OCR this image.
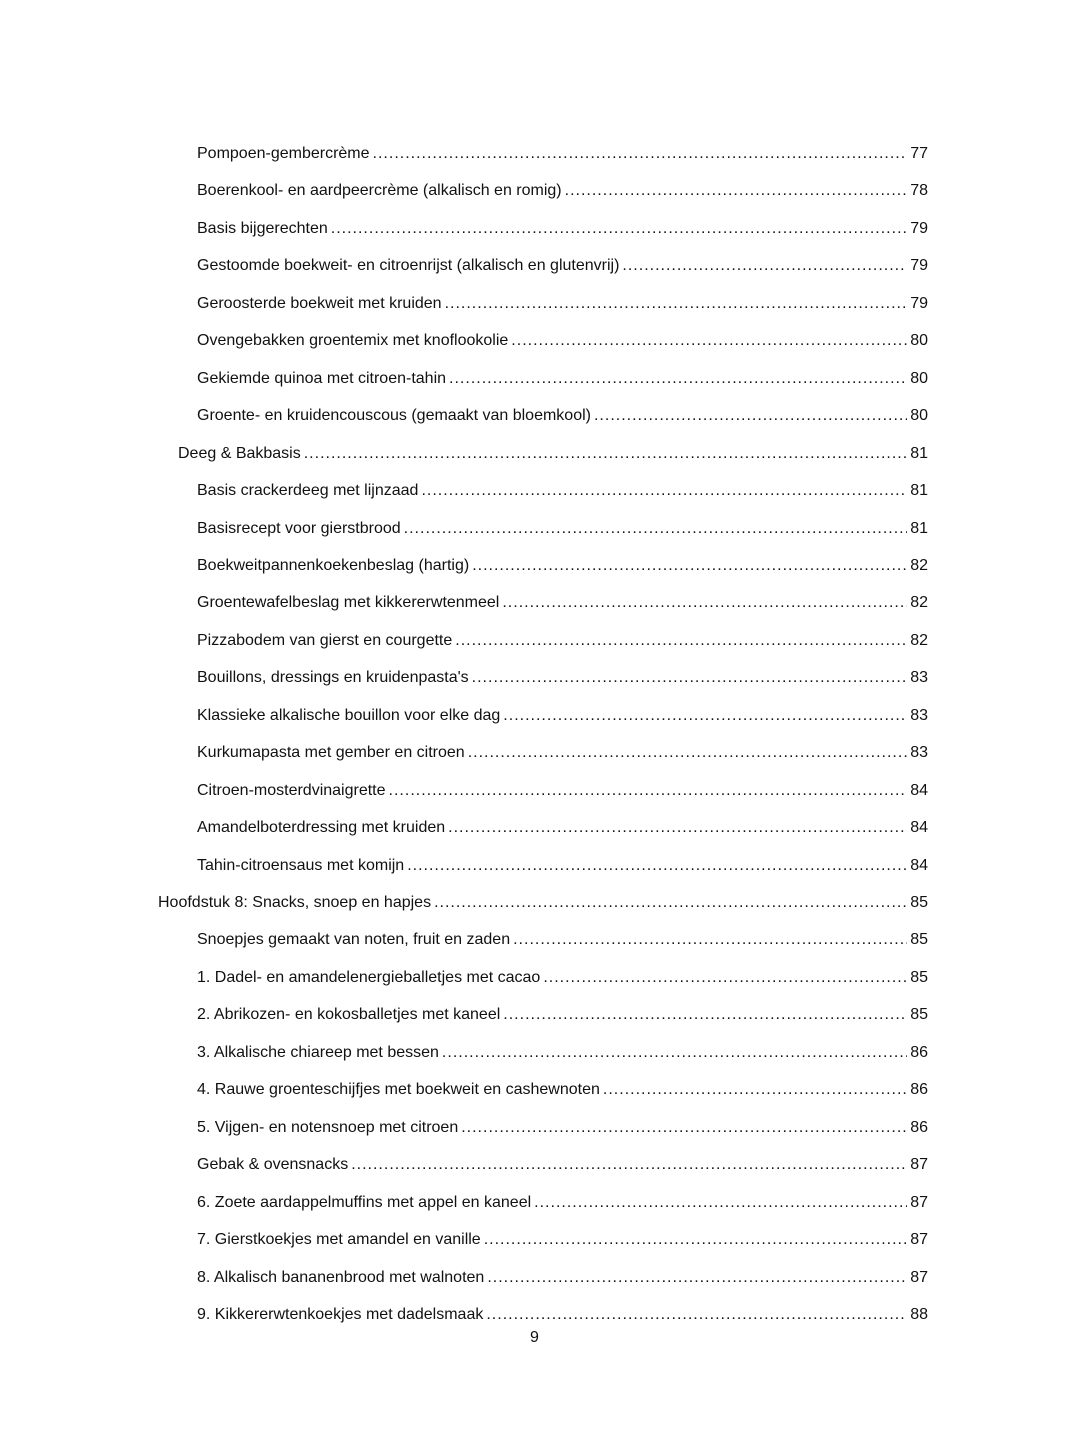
Pompoen-gembercrème .....	77
Boerenkool- en aardpeercrème (alkalisch en romig) .....	78
Basis bijgerechten .....	79
Gestoomde boekweit- en citroenrijst (alkalisch en glutenvrij) .....	79
Geroosterde boekweit met kruiden .....	79
Ovengebakken groentemix met knoflookolie .....	80
Gekiemde quinoa met citroen-tahin .....	80
Groente- en kruidencouscous (gemaakt van bloemkool) .....	80
Deeg & Bakbasis .....	81
Basis crackerdeeg met lijnzaad .....	81
Basisrecept voor gierstbrood .....	81
Boekweitpannenkoekenbeslag (hartig) .....	82
Groentewafelbeslag met kikkererwtenmeel .....	82
Pizzabodem van gierst en courgette .....	82
Bouillons, dressings en kruidenpasta's .....	83
Klassieke alkalische bouillon voor elke dag .....	83
Kurkumapasta met gember en citroen .....	83
Citroen-mosterdvinaigrette .....	84
Amandelboterdressing met kruiden .....	84
Tahin-citroensaus met komijn .....	84
Hoofdstuk 8: Snacks, snoep en hapjes .....	85
Snoepjes gemaakt van noten, fruit en zaden .....	85
1. Dadel- en amandelenergieballetjes met cacao .....	85
2. Abrikozen- en kokosballetjes met kaneel .....	85
3. Alkalische chiareep met bessen .....	86
4. Rauwe groenteschijfjes met boekweit en cashewnoten .....	86
5. Vijgen- en notensnoep met citroen .....	86
Gebak & ovensnacks .....	87
6. Zoete aardappelmuffins met appel en kaneel .....	87
7. Gierstkoekjes met amandel en vanille .....	87
8. Alkalisch bananenbrood met walnoten .....	87
9. Kikkererwtenkoekjes met dadelsmaak .....	88
9
